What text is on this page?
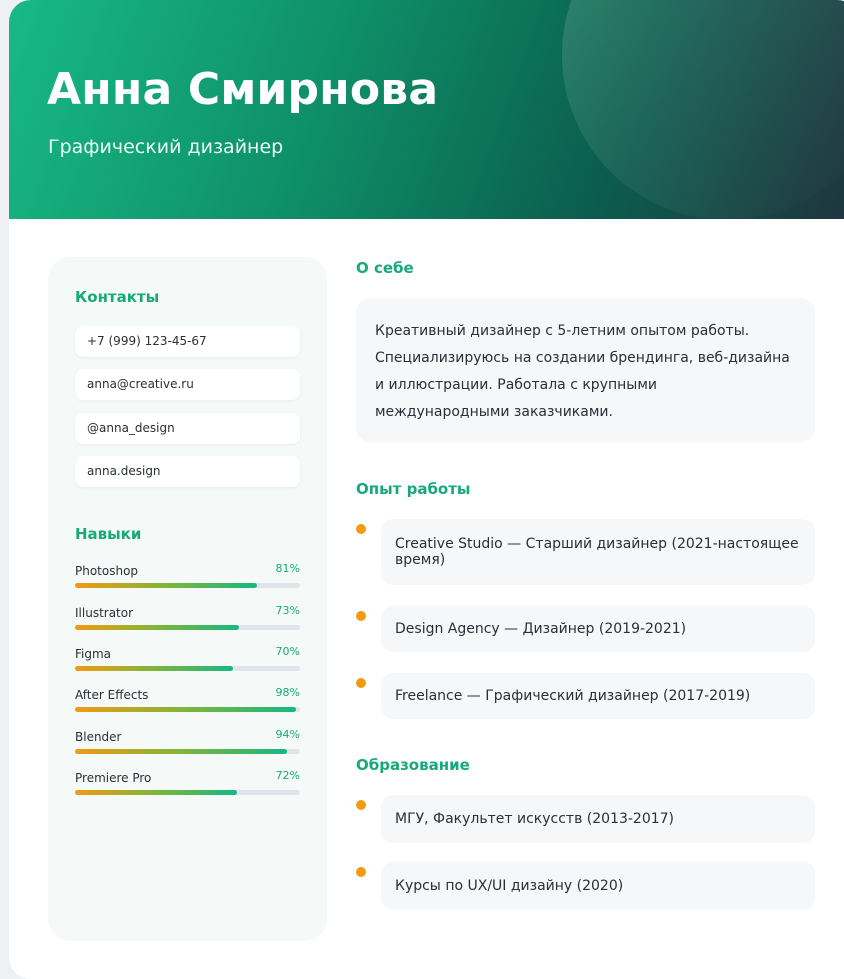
Анна Смирнова
Графический дизайнер
Контакты
+7 (999) 123-45-67
anna@creative.ru
@anna_design
anna.design
Навыки
Photoshop	81%
Illustrator	73%
Figma	70%
After Effects	98%
Blender	94%
Premiere Pro	72%
О себе
Креативный дизайнер с 5-летним опытом работы. Специализируюсь на создании брендинга, веб-дизайна и иллюстрации. Работала с крупными международными заказчиками.
Опыт работы
Creative Studio — Старший дизайнер (2021-настоящее время)
Design Agency — Дизайнер (2019-2021)
Freelance — Графический дизайнер (2017-2019)
Образование
МГУ, Факультет искусств (2013-2017)
Курсы по UX/UI дизайну (2020)
